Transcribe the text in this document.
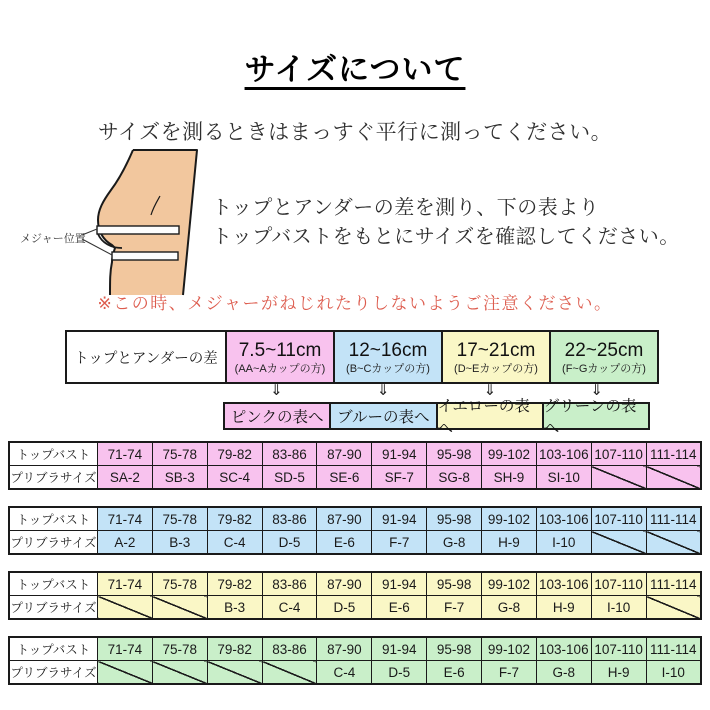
サイズについて

サイズを測るときはまっすぐ平行に測ってください。

メジャー位置

トップとアンダーの差を測り、下の表より
トップバストをもとにサイズを確認してください。

※この時、メジャーがねじれたりしないようご注意ください。

トップとアンダーの差	7.5~11cm
(AA~Aカップの方)

12~16cm
(B~Cカップの方)

17~21cm
(D~Eカップの方)

22~25cm
(F~Gカップの方)
⇓	⇓	⇓	⇓
ピンクの表へ ブルーの表へ
イエローの表へ
グリーンの表へ
トップバスト	71-74	75-78	79-82	83-86	87-90	91-94	95-98	99-102	103-106	107-110	111-114
プリブラサイズ	SA-2	SB-3	SC-4	SD-5	SE-6	SF-7	SG-8	SH-9	SI-10		
トップバスト	71-74	75-78	79-82	83-86	87-90	91-94	95-98	99-102	103-106	107-110	111-114
プリブラサイズ	A-2	B-3	C-4	D-5	E-6	F-7	G-8	H-9	I-10		
トップバスト	71-74	75-78	79-82	83-86	87-90	91-94	95-98	99-102	103-106	107-110	111-114
プリブラサイズ			B-3	C-4	D-5	E-6	F-7	G-8	H-9	I-10	
トップバスト	71-74	75-78	79-82	83-86	87-90	91-94	95-98	99-102	103-106	107-110	111-114
プリブラサイズ					C-4	D-5	E-6	F-7	G-8	H-9	I-10
